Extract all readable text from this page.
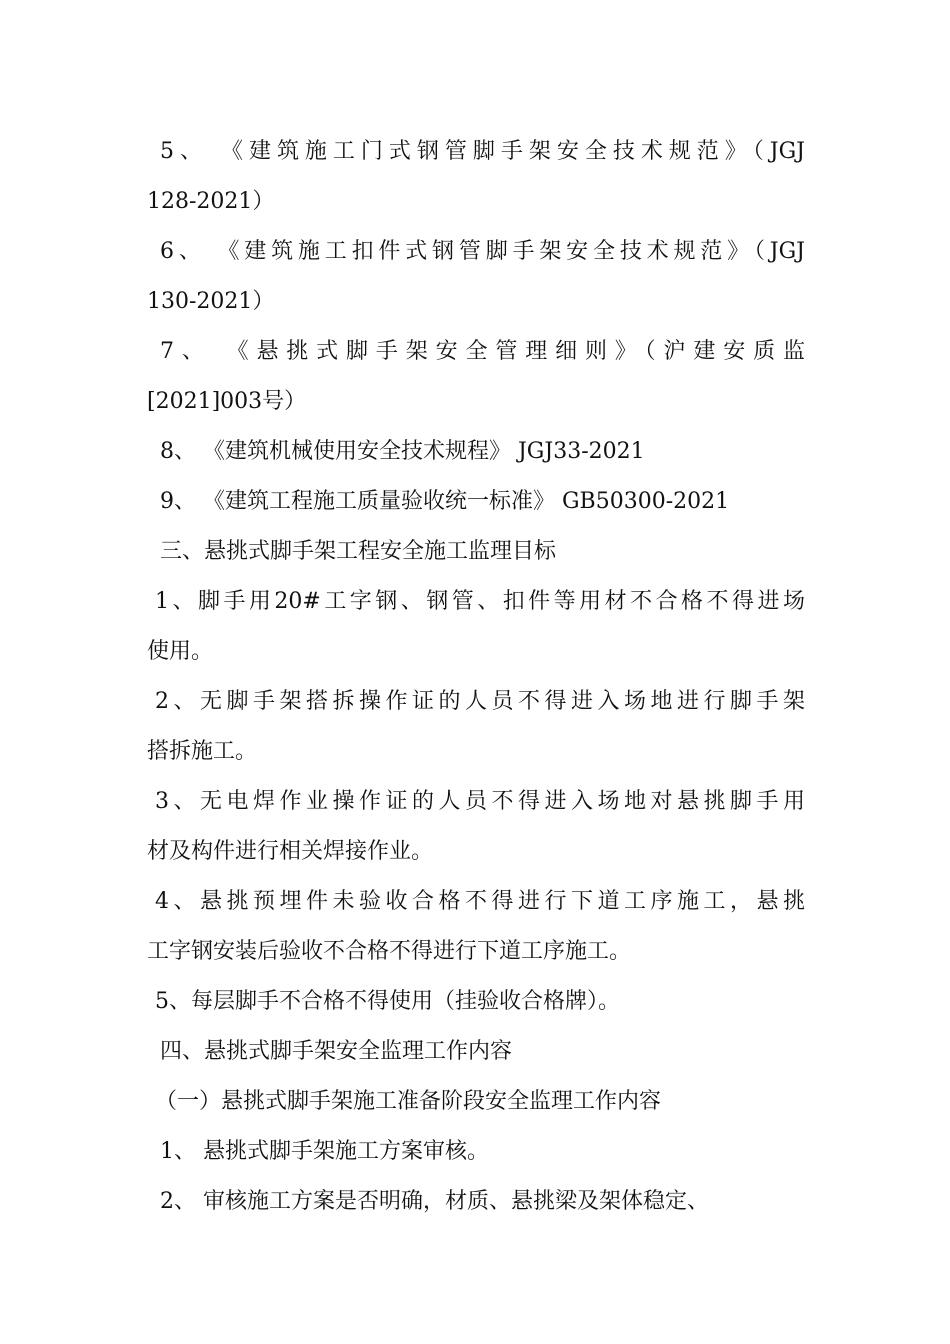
5、 《建筑施工门式钢管脚手架安全技术规范》（JGJ
128-2021）
6、 《建筑施工扣件式钢管脚手架安全技术规范》（JGJ
130-2021）
7、 《悬挑式脚手架安全管理细则》（沪建安质监
[2021]003号）
8、 《建筑机械使用安全技术规程》 JGJ33-2021
9、 《建筑工程施工质量验收统一标准》 GB50300-2021
三、悬挑式脚手架工程安全施工监理目标
1、脚手用20#工字钢、钢管、扣件等用材不合格不得进场
使用。
2、无脚手架搭拆操作证的人员不得进入场地进行脚手架
搭拆施工。
3、无电焊作业操作证的人员不得进入场地对悬挑脚手用
材及构件进行相关焊接作业。
4、悬挑预埋件未验收合格不得进行下道工序施工，悬挑
工字钢安装后验收不合格不得进行下道工序施工。
5、每层脚手不合格不得使用（挂验收合格牌）。
四、悬挑式脚手架安全监理工作内容
（一）悬挑式脚手架施工准备阶段安全监理工作内容
1、 悬挑式脚手架施工方案审核。
2、 审核施工方案是否明确，材质、悬挑梁及架体稳定、
